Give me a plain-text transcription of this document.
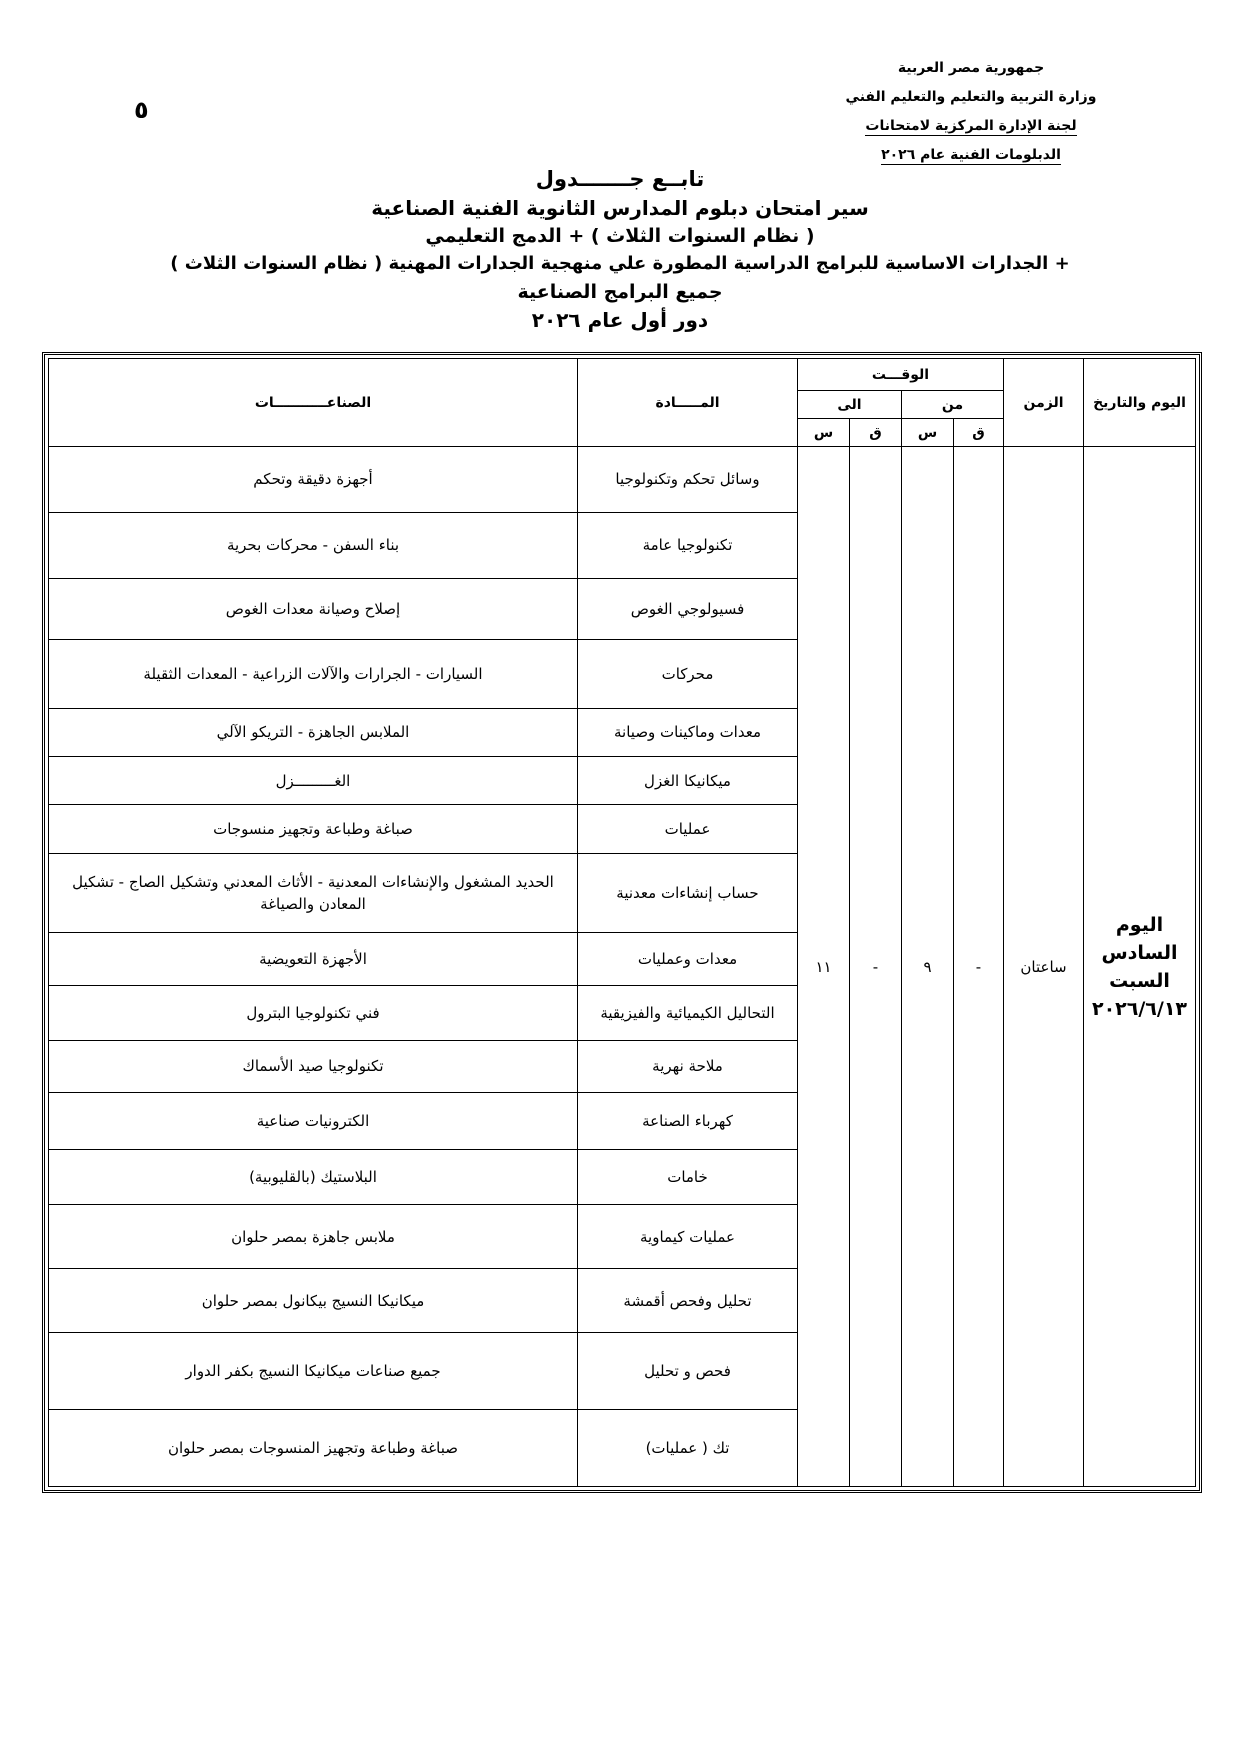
جمهورية مصر العربية
وزارة التربية والتعليم والتعليم الفني
لجنة الإدارة المركزية لامتحانات
الدبلومات الفنية عام ٢٠٢٦
٥
تابــع جـــــــدول
سير امتحان دبلوم المدارس الثانوية الفنية الصناعية
( نظام السنوات الثلاث ) + الدمج التعليمي
+ الجدارات الاساسية للبرامج الدراسية المطورة علي منهجية الجدارات المهنية ( نظام السنوات الثلاث )
جميع البرامج الصناعية
دور أول عام ٢٠٢٦
اليوم والتاريخ	الزمن	الوقـــت				المـــــادة	الصناعـــــــــــات
		من		الى			
		ق	س	ق	س		

اليوم
السادس
السبت
٢٠٢٦/٦/١٣	ساعتان	-	٩	-	١١	وسائل تحكم وتكنولوجيا	أجهزة دقيقة وتحكم
						تكنولوجيا عامة	بناء السفن - محركات بحرية
						فسيولوجي الغوص	إصلاح وصيانة معدات الغوص
						محركات	السيارات - الجرارات والآلات الزراعية - المعدات الثقيلة
						معدات وماكينات وصيانة	الملابس الجاهزة - التريكو الآلي
						ميكانيكا الغزل	الغـــــــــزل
						عمليات	صباغة وطباعة وتجهيز منسوجات
						حساب إنشاءات معدنية	الحديد المشغول والإنشاءات المعدنية - الأثاث المعدني وتشكيل الصاج - تشكيل المعادن والصياغة
						معدات وعمليات	الأجهزة التعويضية
						التحاليل الكيميائية والفيزيقية	فني تكنولوجيا البترول
						ملاحة نهرية	تكنولوجيا صيد الأسماك
						كهرباء الصناعة	الكترونيات صناعية
						خامات	البلاستيك (بالقليوبية)
						عمليات كيماوية	ملابس جاهزة بمصر حلوان
						تحليل وفحص أقمشة	ميكانيكا النسيج بيكانول بمصر حلوان
						فحص و تحليل	جميع صناعات ميكانيكا النسيج بكفر الدوار
						تك ( عمليات)	صباغة وطباعة وتجهيز المنسوجات بمصر حلوان
